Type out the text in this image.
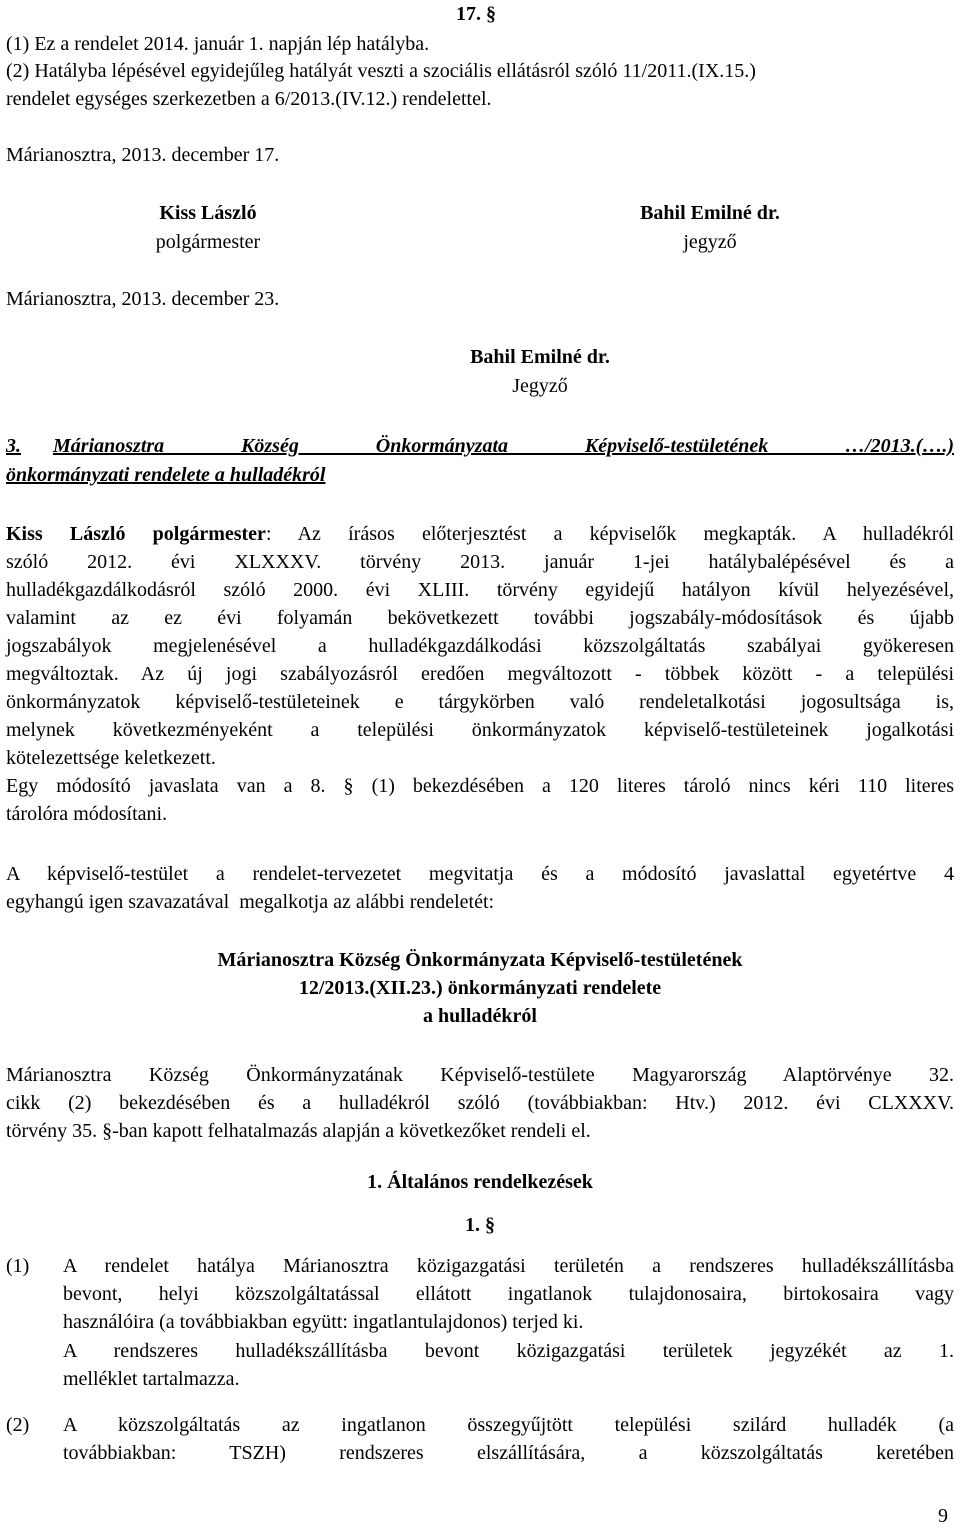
17. §
(1) Ez a rendelet 2014. január 1. napján lép hatályba.
(2) Hatályba lépésével egyidejűleg hatályát veszti a szociális ellátásról szóló 11/2011.(IX.15.)
rendelet egységes szerkezetben a 6/2013.(IV.12.) rendelettel.
Márianosztra, 2013. december 17.
Kiss László
polgármester
Bahil Emilné dr.
jegyző
Márianosztra, 2013. december 23.
Bahil Emilné dr.
Jegyző
3. Márianosztra Község Önkormányzata Képviselő-testületének …/2013.(….)
önkormányzati rendelete a hulladékról
Kiss László polgármester: Az írásos előterjesztést a képviselők megkapták. A hulladékról
szóló 2012. évi XLXXXV. törvény 2013. január 1-jei hatálybalépésével és a
hulladékgazdálkodásról szóló 2000. évi XLIII. törvény egyidejű hatályon kívül helyezésével,
valamint az ez évi folyamán bekövetkezett további jogszabály-módosítások és újabb
jogszabályok megjelenésével a hulladékgazdálkodási közszolgáltatás szabályai gyökeresen
megváltoztak. Az új jogi szabályozásról eredően megváltozott - többek között - a települési
önkormányzatok képviselő-testületeinek e tárgykörben való rendeletalkotási jogosultsága is,
melynek következményeként a települési önkormányzatok képviselő-testületeinek jogalkotási
kötelezettsége keletkezett.
Egy módosító javaslata van a 8. § (1) bekezdésében a 120 literes tároló nincs kéri 110 literes
tárolóra módosítani.
A képviselő-testület a rendelet-tervezetet megvitatja és a módosító javaslattal egyetértve 4
egyhangú igen szavazatával  megalkotja az alábbi rendeletét:
Márianosztra Község Önkormányzata Képviselő-testületének
12/2013.(XII.23.) önkormányzati rendelete
a hulladékról
Márianosztra Község Önkormányzatának Képviselő-testülete Magyarország Alaptörvénye 32.
cikk (2) bekezdésében és a hulladékról szóló (továbbiakban: Htv.) 2012. évi CLXXXV.
törvény 35. §-ban kapott felhatalmazás alapján a következőket rendeli el.
1. Általános rendelkezések
1. §
(1) A rendelet hatálya Márianosztra közigazgatási területén a rendszeres hulladékszállításba
bevont, helyi közszolgáltatással ellátott ingatlanok tulajdonosaira, birtokosaira vagy
használóira (a továbbiakban együtt: ingatlantulajdonos) terjed ki.
A rendszeres hulladékszállításba bevont közigazgatási területek jegyzékét az 1.
melléklet tartalmazza.
(2) A közszolgáltatás az ingatlanon összegyűjtött települési szilárd hulladék (a
továbbiakban: TSZH) rendszeres elszállítására, a közszolgáltatás keretében
9
